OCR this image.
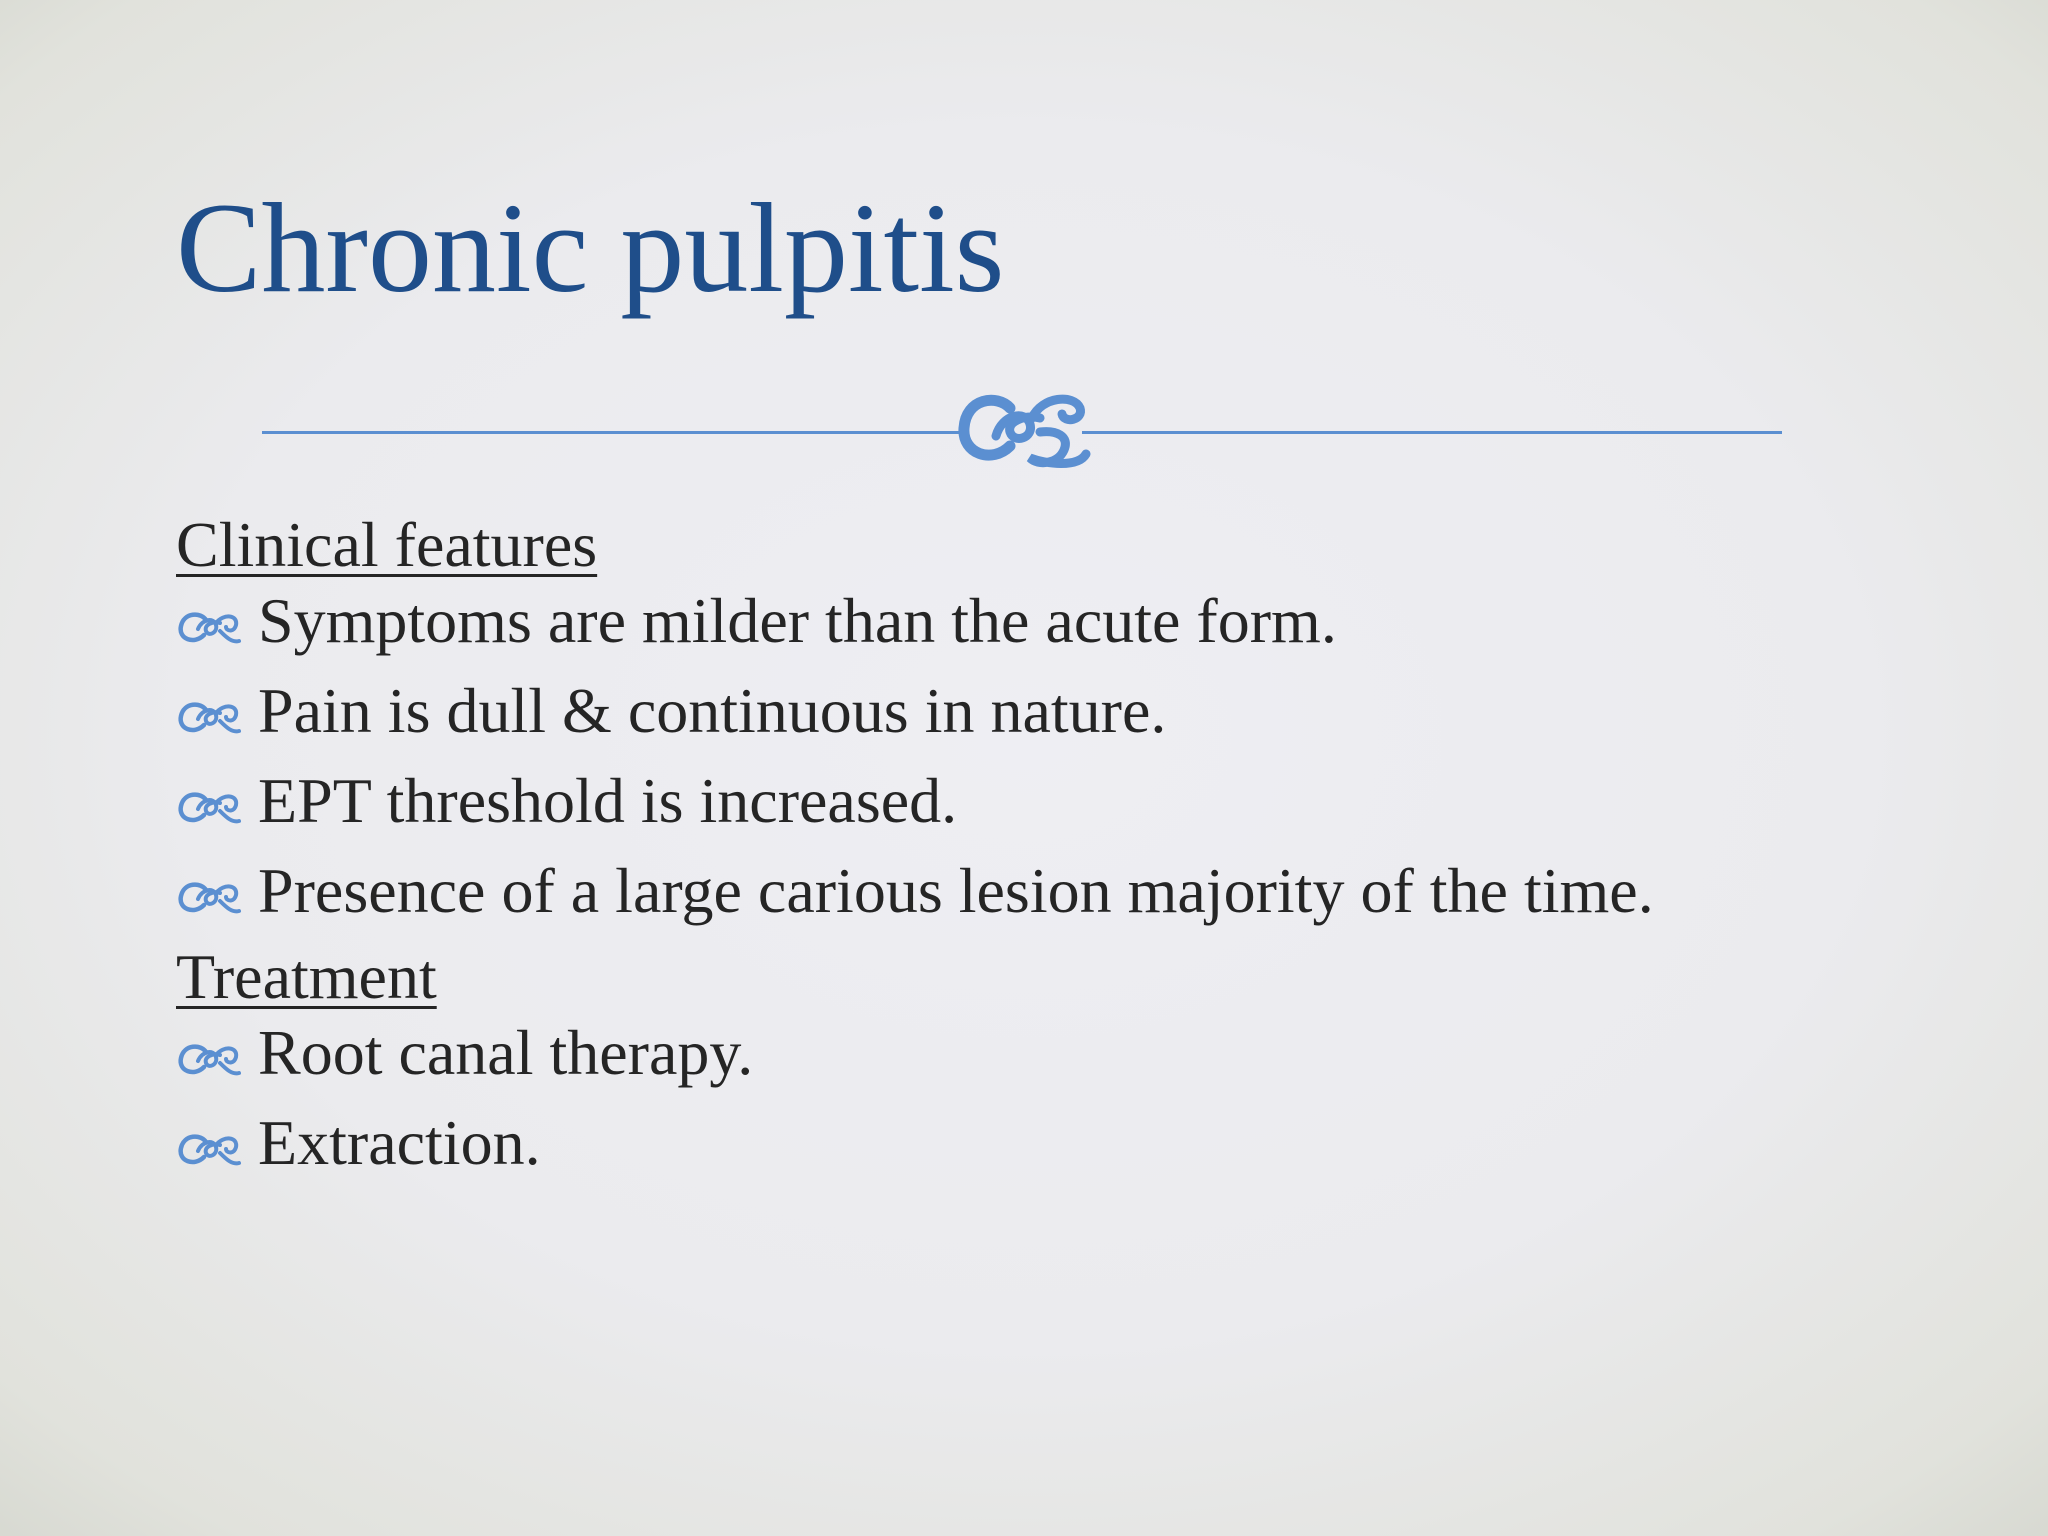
Chronic pulpitis
Clinical features
Symptoms are milder than the acute form.
Pain is dull & continuous in nature.
EPT threshold is increased.
Presence of a large carious lesion majority of the time.
Treatment
Root canal therapy.
Extraction.
